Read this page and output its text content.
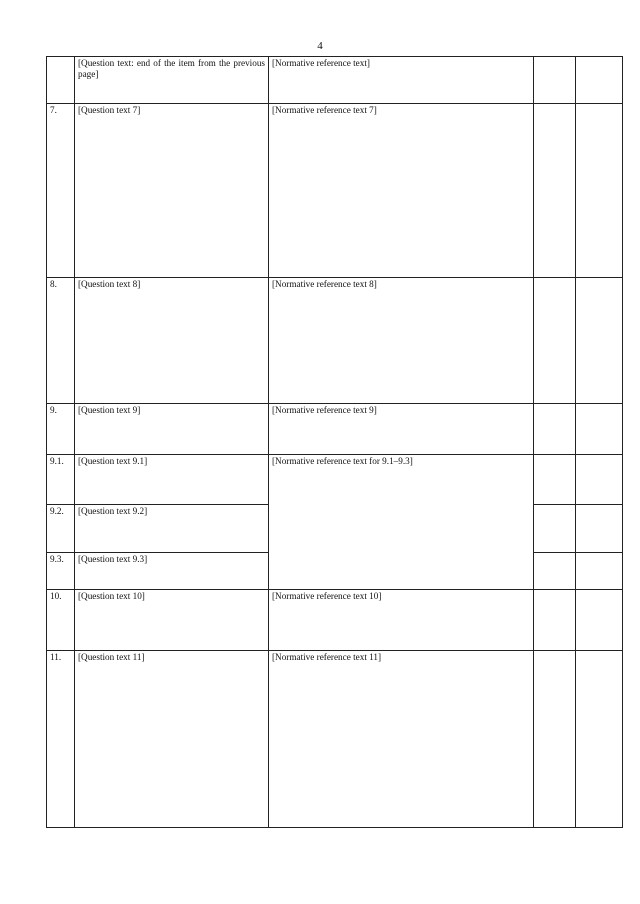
4
	[Question text: end of the item from the previous page]	[Normative reference text]		
7.	[Question text 7]	[Normative reference text 7]		
8.	[Question text 8]	[Normative reference text 8]		
9.	[Question text 9]	[Normative reference text 9]		
9.1.	[Question text 9.1]	[Normative reference text for 9.1–9.3]		
9.2.	[Question text 9.2]			
9.3.	[Question text 9.3]			
10.	[Question text 10]	[Normative reference text 10]		
11.	[Question text 11]	[Normative reference text 11]		
